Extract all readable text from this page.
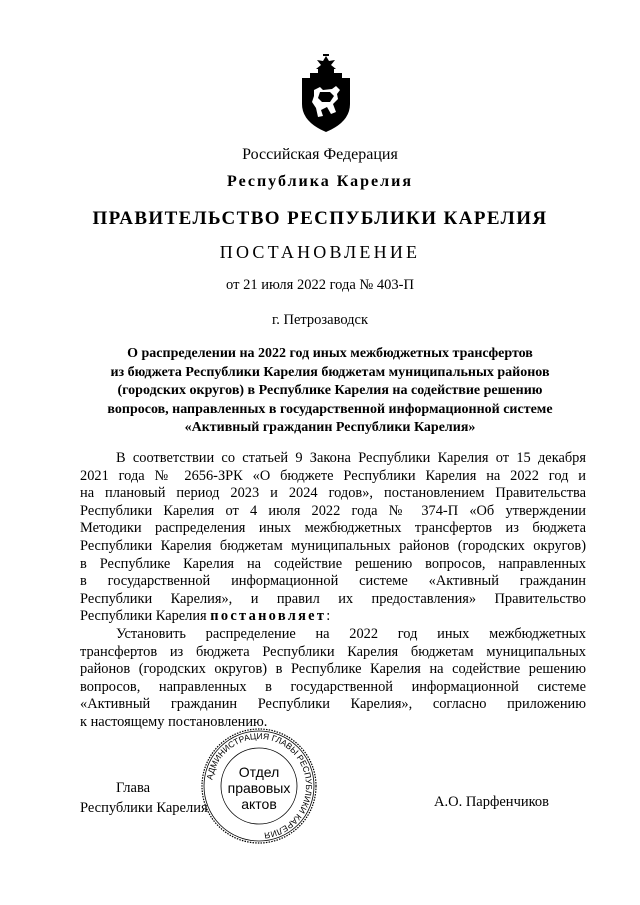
Российская Федерация
Республика Карелия
ПРАВИТЕЛЬСТВО РЕСПУБЛИКИ КАРЕЛИЯ
ПОСТАНОВЛЕНИЕ
от 21 июля 2022 года № 403-П
г. Петрозаводск
О распределении на 2022 год иных межбюджетных трансфертов
из бюджета Республики Карелия бюджетам муниципальных районов
(городских округов) в Республике Карелия на содействие решению
вопросов, направленных в государственной информационной системе
«Активный гражданин Республики Карелия»
В соответствии со статьей 9 Закона Республики Карелия от 15 декабря
2021 года № 2656-ЗРК «О бюджете Республики Карелия на 2022 год и
на плановый период 2023 и 2024 годов», постановлением Правительства
Республики Карелия от 4 июля 2022 года № 374-П «Об утверждении
Методики распределения иных межбюджетных трансфертов из бюджета
Республики Карелия бюджетам муниципальных районов (городских округов)
в Республике Карелия на содействие решению вопросов, направленных
в государственной информационной системе «Активный гражданин
Республики Карелия», и правил их предоставления» Правительство
Республики Карелия постановляет:
Установить распределение на 2022 год иных межбюджетных
трансфертов из бюджета Республики Карелия бюджетам муниципальных
районов (городских округов) в Республике Карелия на содействие решению
вопросов, направленных в государственной информационной системе
«Активный гражданин Республики Карелия», согласно приложению
к настоящему постановлению.
Глава
Республики Карелия	А.О. Парфенчиков
АДМИНИСТРАЦИЯ ГЛАВЫ РЕСПУБЛИКИ КАРЕЛИЯ
Отдел
правовых
актов
